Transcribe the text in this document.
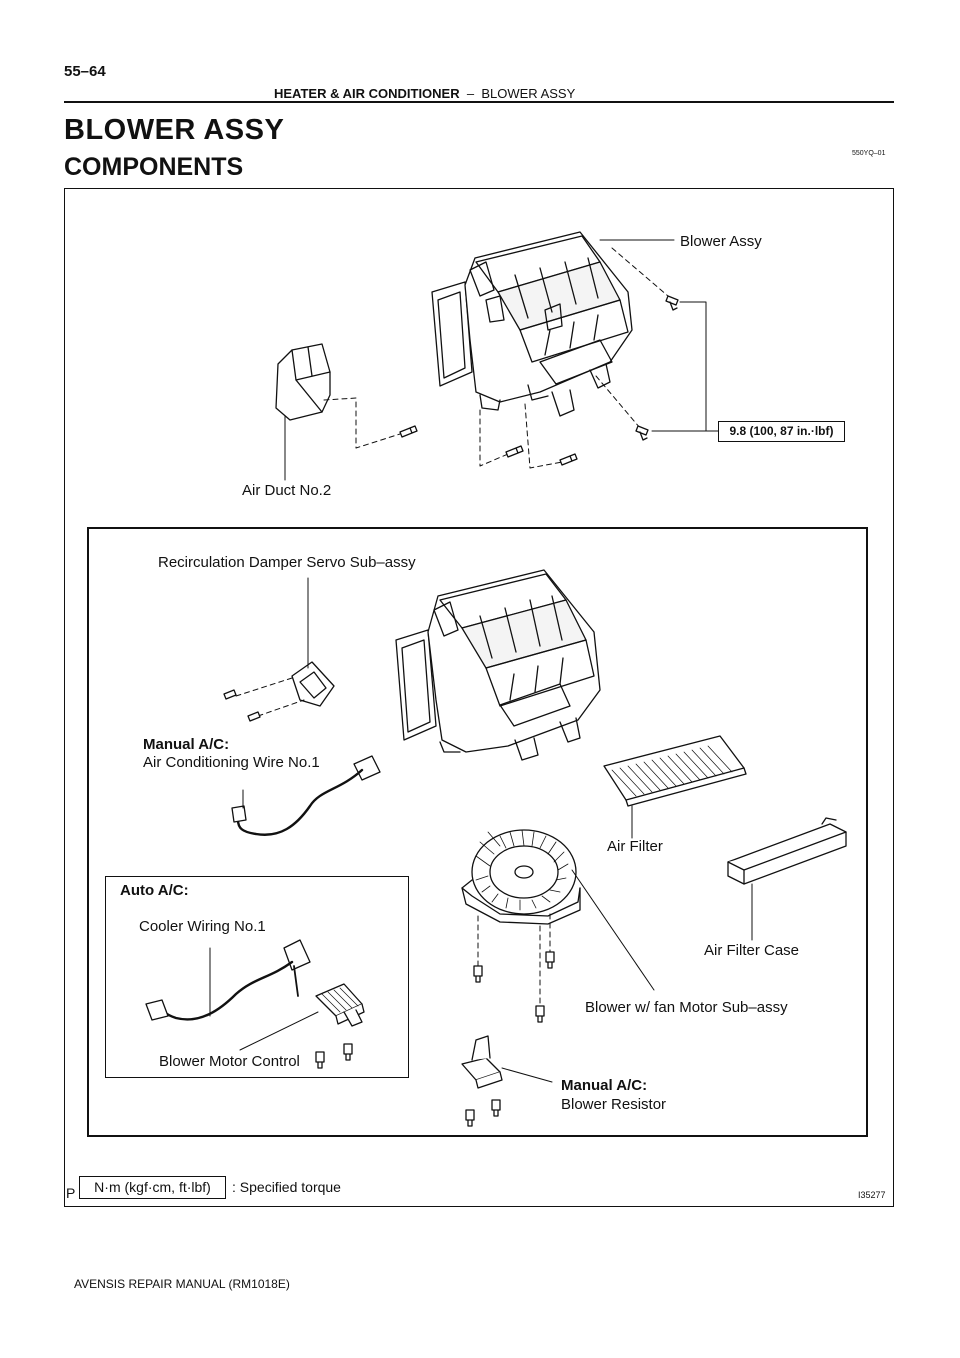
55–64
HEATER & AIR CONDITIONER – BLOWER ASSY
BLOWER ASSY
COMPONENTS	550YQ–01
Blower Assy
9.8 (100, 87 in.·lbf)
Air Duct No.2
Recirculation Damper Servo Sub–assy
Manual A/C:
Air Conditioning Wire No.1
Air Filter
Air Filter Case
Auto A/C:
Cooler Wiring No.1
Blower w/ fan Motor Sub–assy
Blower Motor Control
Manual A/C:
Blower Resistor
P	N·m (kgf·cm, ft·lbf)	: Specified torque	I35277
AVENSIS REPAIR MANUAL (RM1018E)
